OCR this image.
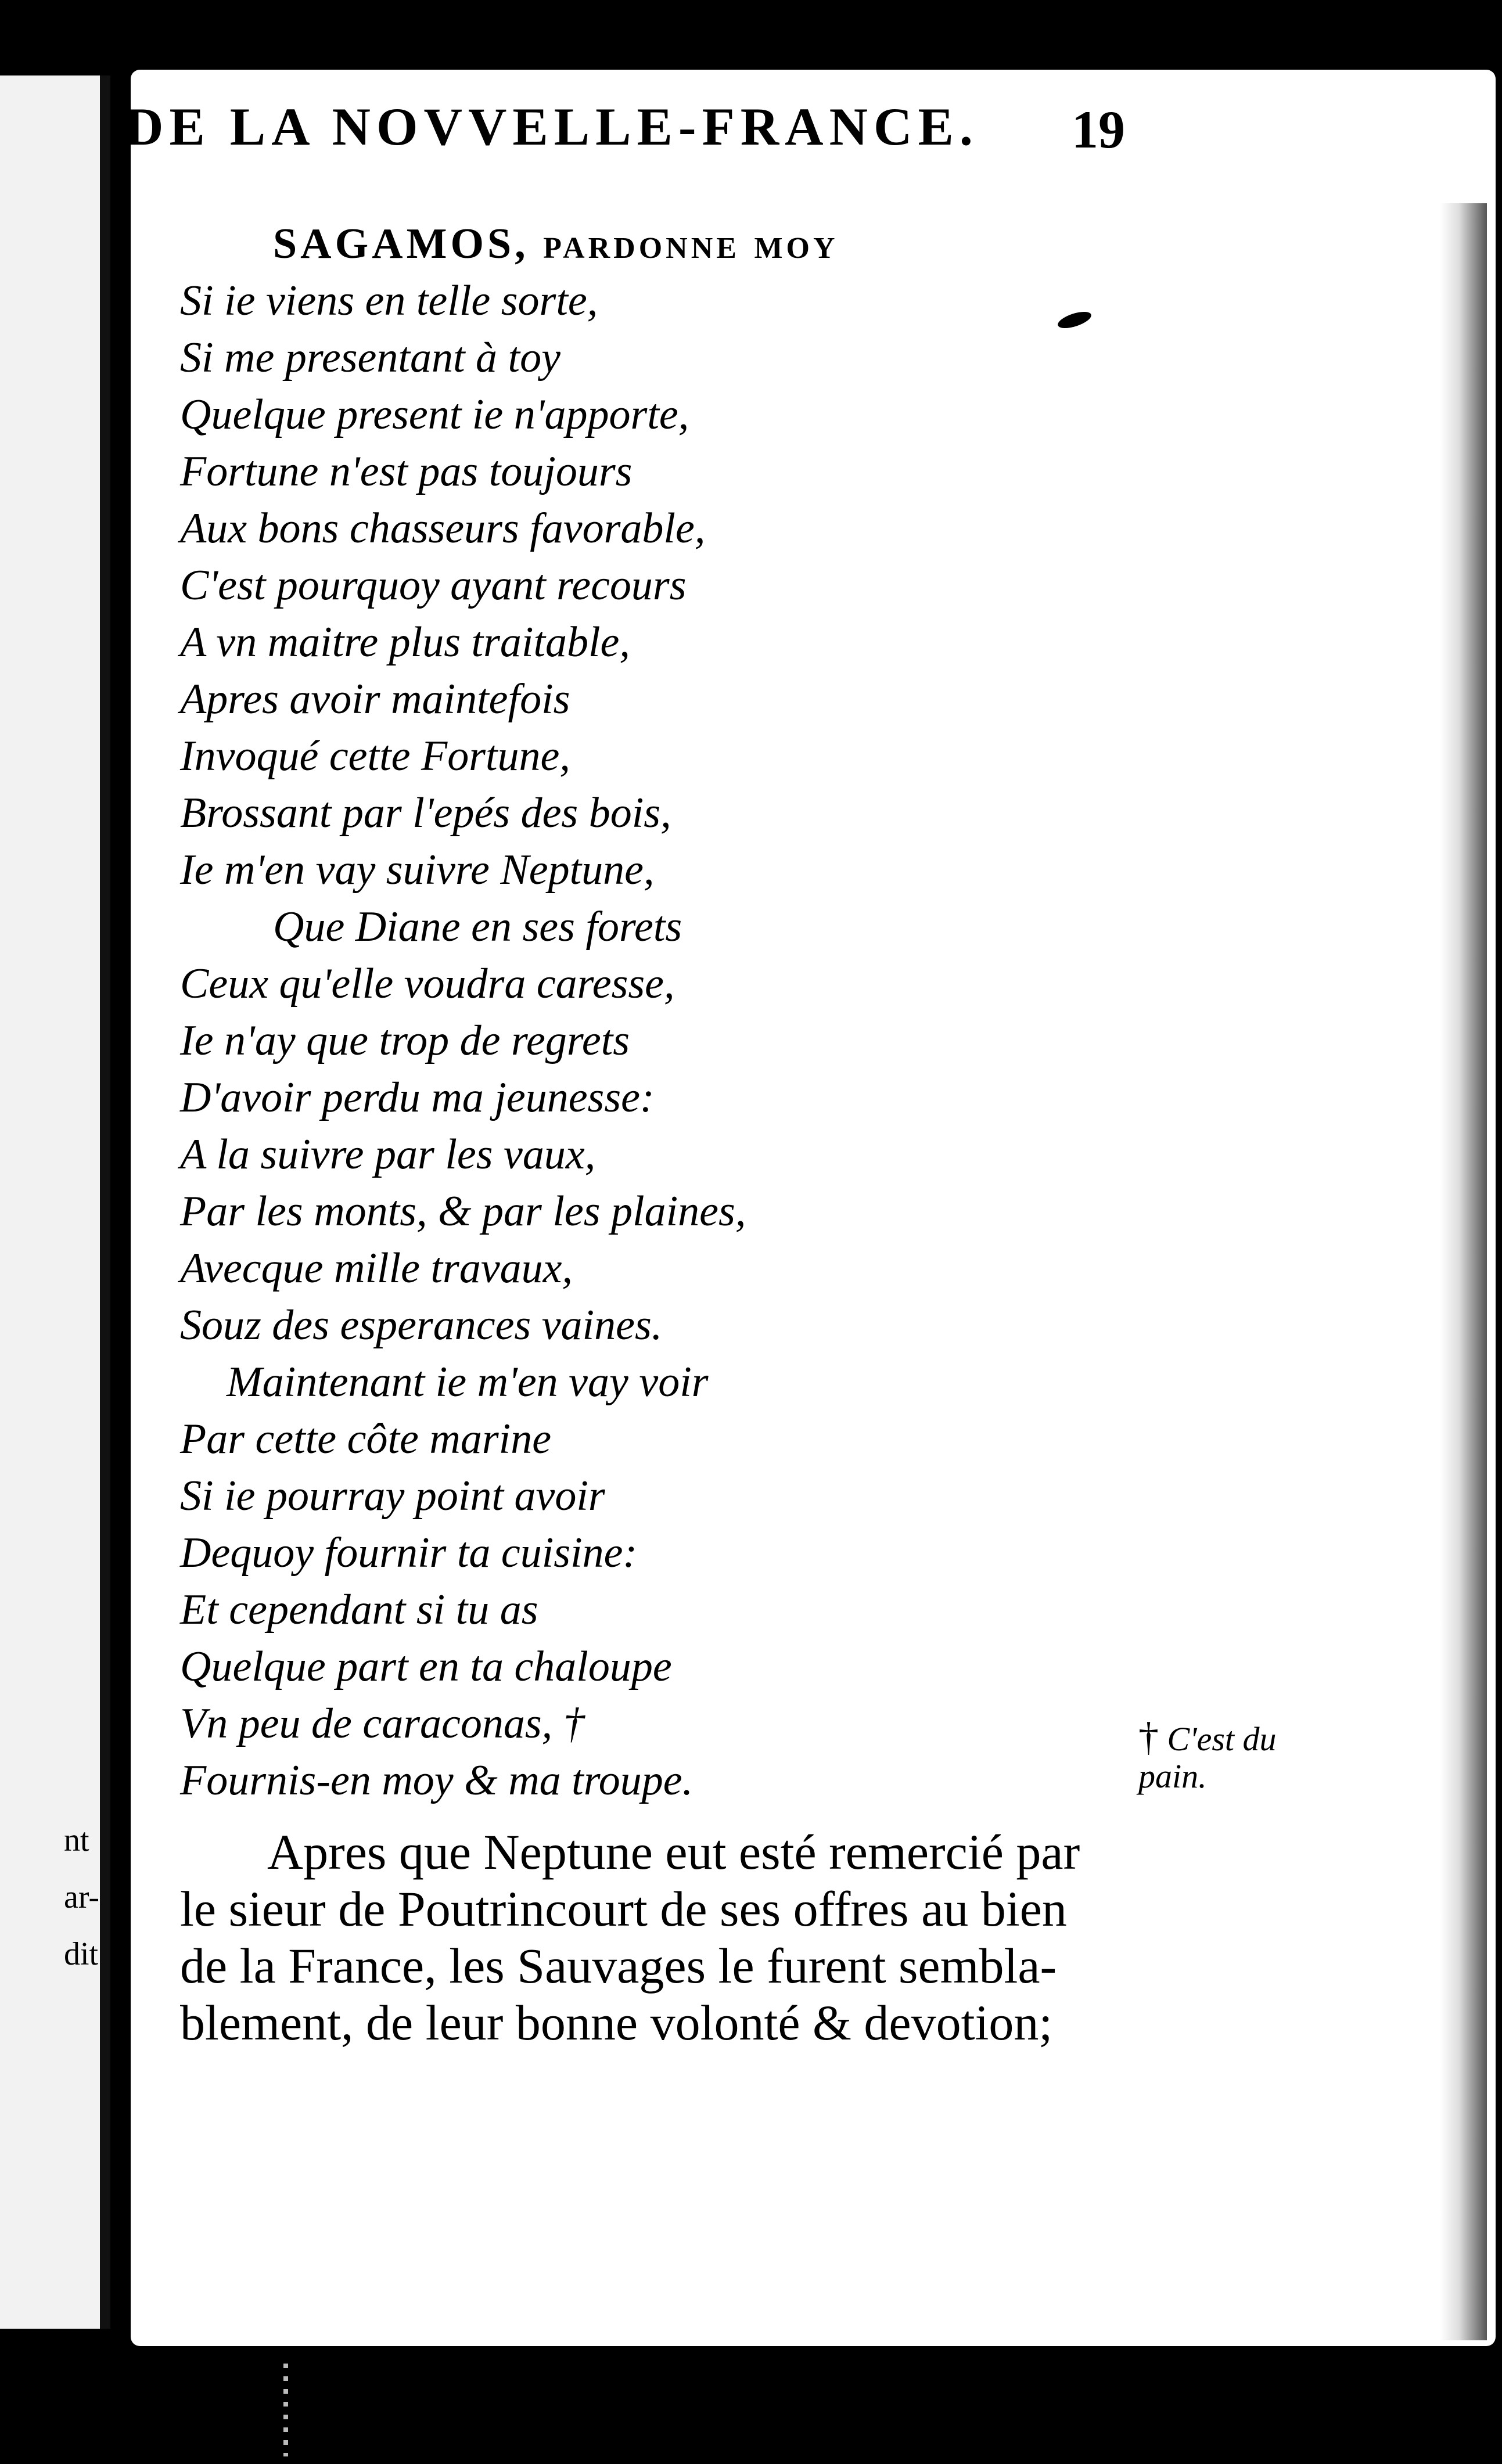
nt
ar-
dit
DE LA NOVVELLE-FRANCE. 19
SAGAMOS, pardonne moy
Si ie viens en telle sorte,
Si me presentant à toy
Quelque present ie n'apporte,
Fortune n'est pas toujours
Aux bons chasseurs favorable,
C'est pourquoy ayant recours
A vn maitre plus traitable,
Apres avoir maintefois
Invoqué cette Fortune,
Brossant par l'epés des bois,
Ie m'en vay suivre Neptune,
Que Diane en ses forets
Ceux qu'elle voudra caresse,
Ie n'ay que trop de regrets
D'avoir perdu ma jeunesse:
A la suivre par les vaux,
Par les monts, & par les plaines,
Avecque mille travaux,
Souz des esperances vaines.
Maintenant ie m'en vay voir
Par cette côte marine
Si ie pourray point avoir
Dequoy fournir ta cuisine:
Et cependant si tu as
Quelque part en ta chaloupe
Vn peu de caraconas, †
Fournis-en moy & ma troupe.
† C'est du pain.
Apres que Neptune eut esté remercié par
le sieur de Poutrincourt de ses offres au bien
de la France, les Sauvages le furent sembla-
blement, de leur bonne volonté & devotion;
